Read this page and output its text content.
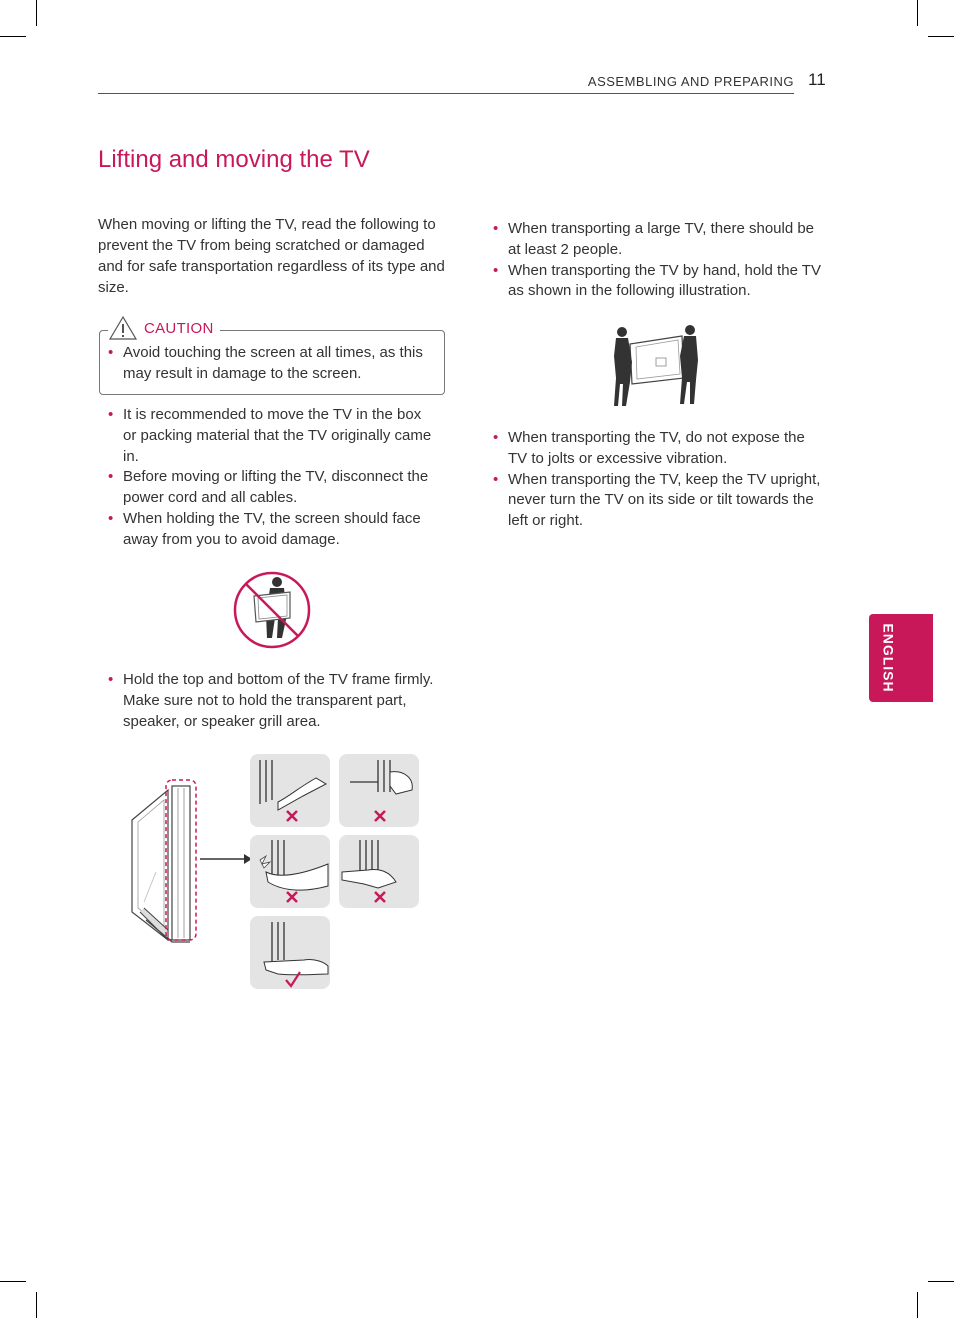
ASSEMBLING AND PREPARING 11
Lifting and moving the TV
When moving or lifting the TV, read the following to prevent the TV from being scratched or damaged and for safe transportation regardless of its type and size.
CAUTION
• Avoid touching the screen at all times, as this may result in damage to the screen.
• It is recommended to move the TV in the box or packing material that the TV originally came in.
• Before moving or lifting the TV, disconnect the power cord and all cables.
• When holding the TV, the screen should face away from you to avoid damage.
• Hold the top and bottom of the TV frame firmly. Make sure not to hold the transparent part, speaker, or speaker grill area.
• When transporting a large TV, there should be at least 2 people.
• When transporting the TV by hand, hold the TV as shown in the following illustration.
• When transporting the TV, do not expose the TV to jolts or excessive vibration.
• When transporting the TV, keep the TV upright, never turn the TV on its side or tilt towards the left or right.
ENGLISH
